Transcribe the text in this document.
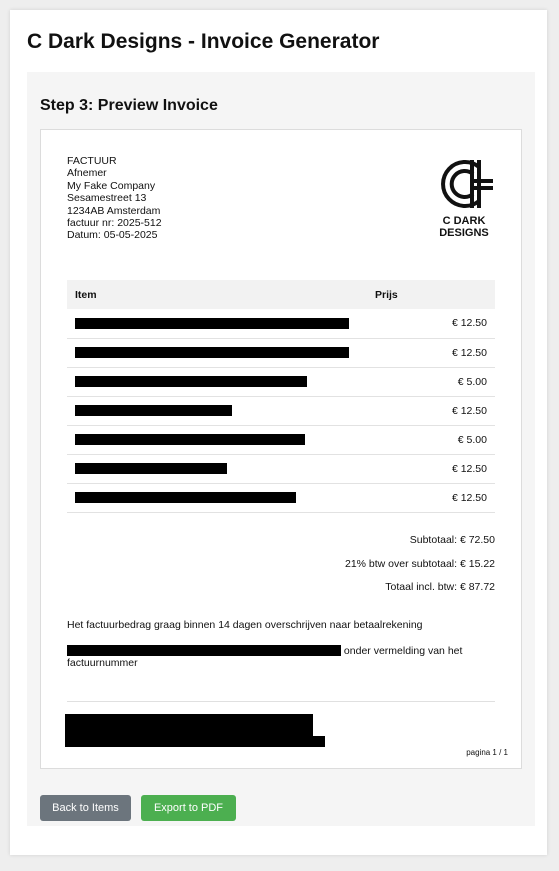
C Dark Designs - Invoice Generator
Step 3: Preview Invoice
FACTUUR
Afnemer
My Fake Company
Sesamestreet 13
1234AB Amsterdam
factuur nr: 2025-512
Datum: 05-05-2025
C DARK
DESIGNS
Item	Prijs
	€ 12.50
	€ 12.50
	€ 5.00
	€ 12.50
	€ 5.00
	€ 12.50
	€ 12.50
Subtotaal: € 72.50
21% btw over subtotaal: € 15.22
Totaal incl. btw: € 87.72

Het factuurbedrag graag binnen 14 dagen overschrijven naar betaalrekening

onder vermelding van het factuurnummer
pagina 1 / 1
Back to Items	Export to PDF
